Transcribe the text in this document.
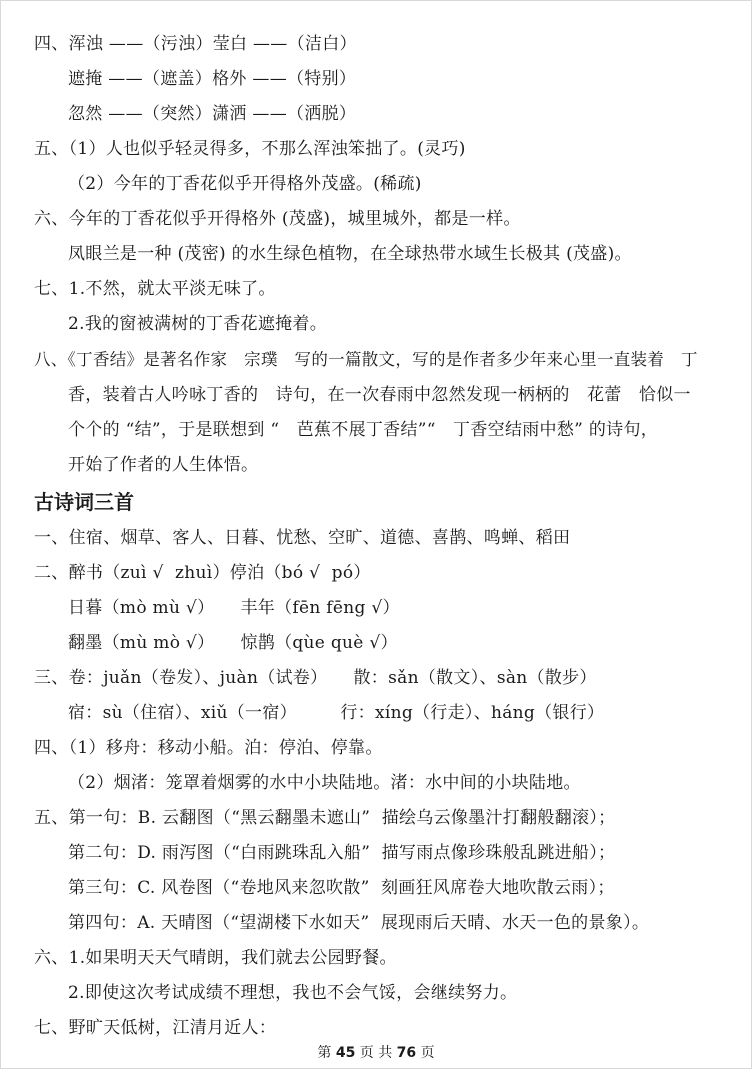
四、浑浊 ——（污浊）莹白 ——（洁白）
遮掩 ——（遮盖）格外 ——（特别）
忽然 ——（突然）潇洒 ——（洒脱）
五、（1）人也似乎轻灵得多，不那么浑浊笨拙了。(灵巧)
（2）今年的丁香花似乎开得格外茂盛。(稀疏)
六、今年的丁香花似乎开得格外 (茂盛)，城里城外，都是一样。
凤眼兰是一种 (茂密) 的水生绿色植物，在全球热带水域生长极其 (茂盛)。
七、1.不然，就太平淡无味了。
2.我的窗被满树的丁香花遮掩着。
八、《丁香结》是著名作家　宗璞　写的一篇散文，写的是作者多少年来心里一直装着　丁
香，装着古人吟咏丁香的　诗句，在一次春雨中忽然发现一柄柄的　花蕾　恰似一
个个的 “结”，于是联想到 “　芭蕉不展丁香结”“　丁香空结雨中愁” 的诗句，
开始了作者的人生体悟。
古诗词三首
一、住宿、烟草、客人、日暮、忧愁、空旷、道德、喜鹊、鸣蝉、稻田
二、醉书（zuì √  zhuì）停泊（bó √  pó）
日暮（mò mù √）　　丰年（fēn fēng √）
翻墨（mù mò √）　　惊鹊（qùe què √）
三、卷：juǎn（卷发）、juàn（试卷）　　散：sǎn（散文）、sàn（散步）
宿：sù（住宿）、xiǔ（一宿）　　　行：xíng（行走）、háng（银行）
四、（1）移舟：移动小船。泊：停泊、停靠。
（2）烟渚：笼罩着烟雾的水中小块陆地。渚：水中间的小块陆地。
五、第一句：B. 云翻图（“黑云翻墨未遮山”  描绘乌云像墨汁打翻般翻滚）；
第二句：D. 雨泻图（“白雨跳珠乱入船”  描写雨点像珍珠般乱跳进船）；
第三句：C. 风卷图（“卷地风来忽吹散”  刻画狂风席卷大地吹散云雨）；
第四句：A. 天晴图（“望湖楼下水如天”  展现雨后天晴、水天一色的景象）。
六、1.如果明天天气晴朗，我们就去公园野餐。
2.即使这次考试成绩不理想，我也不会气馁，会继续努力。
七、野旷天低树，江清月近人：
第 45 页 共 76 页
